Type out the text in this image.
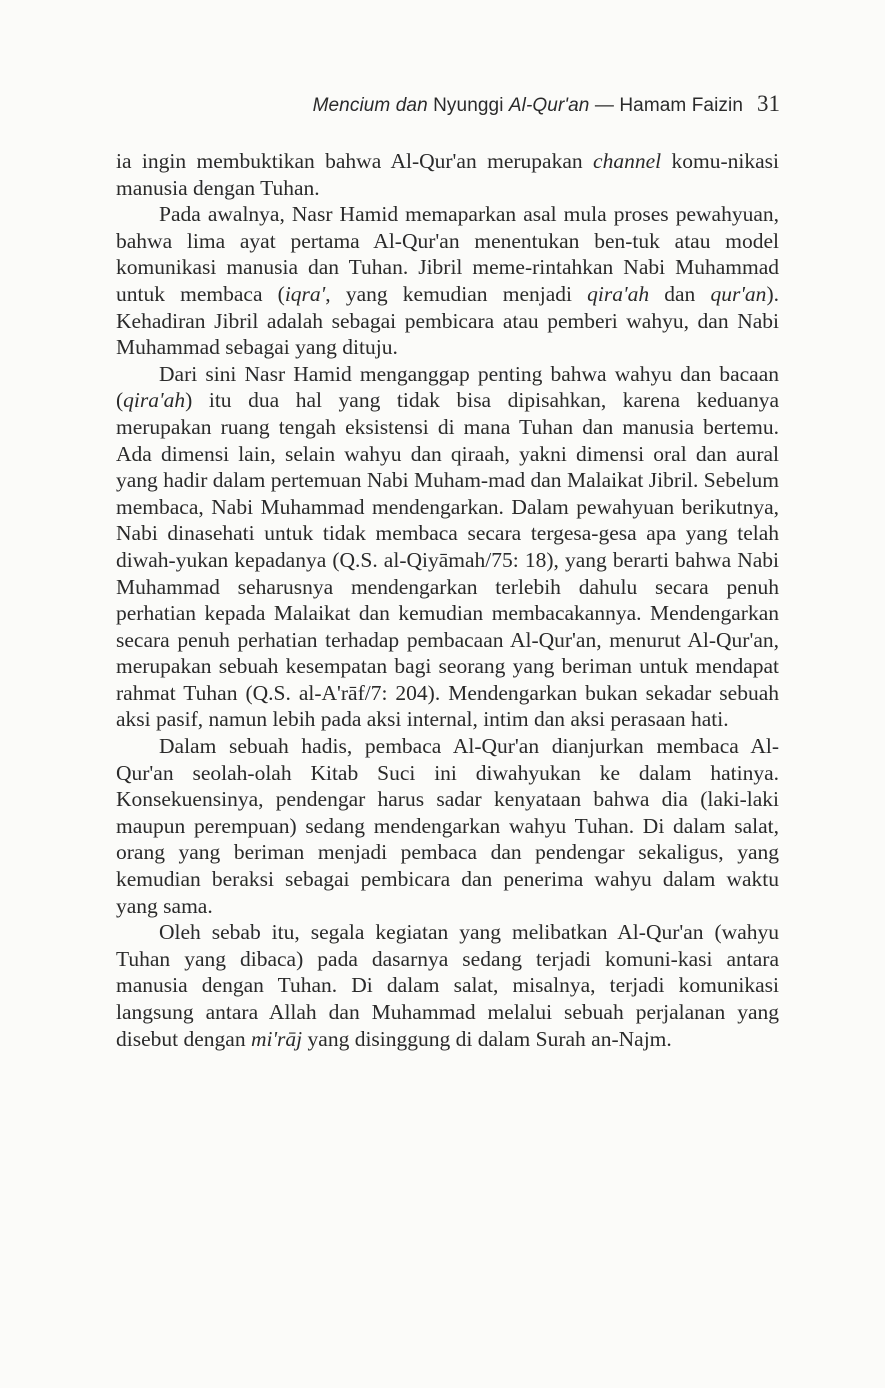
Mencium dan Nyunggi Al-Qur'an — Hamam Faizin 31

ia ingin membuktikan bahwa Al-Qur'an merupakan channel komu-nikasi manusia dengan Tuhan.

Pada awalnya, Nasr Hamid memaparkan asal mula proses pewahyuan, bahwa lima ayat pertama Al-Qur'an menentukan ben-tuk atau model komunikasi manusia dan Tuhan. Jibril meme-rintahkan Nabi Muhammad untuk membaca (iqra', yang kemudian menjadi qira'ah dan qur'an). Kehadiran Jibril adalah sebagai pembicara atau pemberi wahyu, dan Nabi Muhammad sebagai yang dituju.

Dari sini Nasr Hamid menganggap penting bahwa wahyu dan bacaan (qira'ah) itu dua hal yang tidak bisa dipisahkan, karena keduanya merupakan ruang tengah eksistensi di mana Tuhan dan manusia bertemu. Ada dimensi lain, selain wahyu dan qiraah, yakni dimensi oral dan aural yang hadir dalam pertemuan Nabi Muham-mad dan Malaikat Jibril. Sebelum membaca, Nabi Muhammad mendengarkan. Dalam pewahyuan berikutnya, Nabi dinasehati untuk tidak membaca secara tergesa-gesa apa yang telah diwah-yukan kepadanya (Q.S. al-Qiyāmah/75: 18), yang berarti bahwa Nabi Muhammad seharusnya mendengarkan terlebih dahulu secara penuh perhatian kepada Malaikat dan kemudian membacakannya. Mendengarkan secara penuh perhatian terhadap pembacaan Al-Qur'an, menurut Al-Qur'an, merupakan sebuah kesempatan bagi seorang yang beriman untuk mendapat rahmat Tuhan (Q.S. al-A'rāf/7: 204). Mendengarkan bukan sekadar sebuah aksi pasif, namun lebih pada aksi internal, intim dan aksi perasaan hati.

Dalam sebuah hadis, pembaca Al-Qur'an dianjurkan membaca Al-Qur'an seolah-olah Kitab Suci ini diwahyukan ke dalam hatinya. Konsekuensinya, pendengar harus sadar kenyataan bahwa dia (laki-laki maupun perempuan) sedang mendengarkan wahyu Tuhan. Di dalam salat, orang yang beriman menjadi pembaca dan pendengar sekaligus, yang kemudian beraksi sebagai pembicara dan penerima wahyu dalam waktu yang sama.

Oleh sebab itu, segala kegiatan yang melibatkan Al-Qur'an (wahyu Tuhan yang dibaca) pada dasarnya sedang terjadi komuni-kasi antara manusia dengan Tuhan. Di dalam salat, misalnya, terjadi komunikasi langsung antara Allah dan Muhammad melalui sebuah perjalanan yang disebut dengan mi'rāj yang disinggung di dalam Surah an-Najm.
